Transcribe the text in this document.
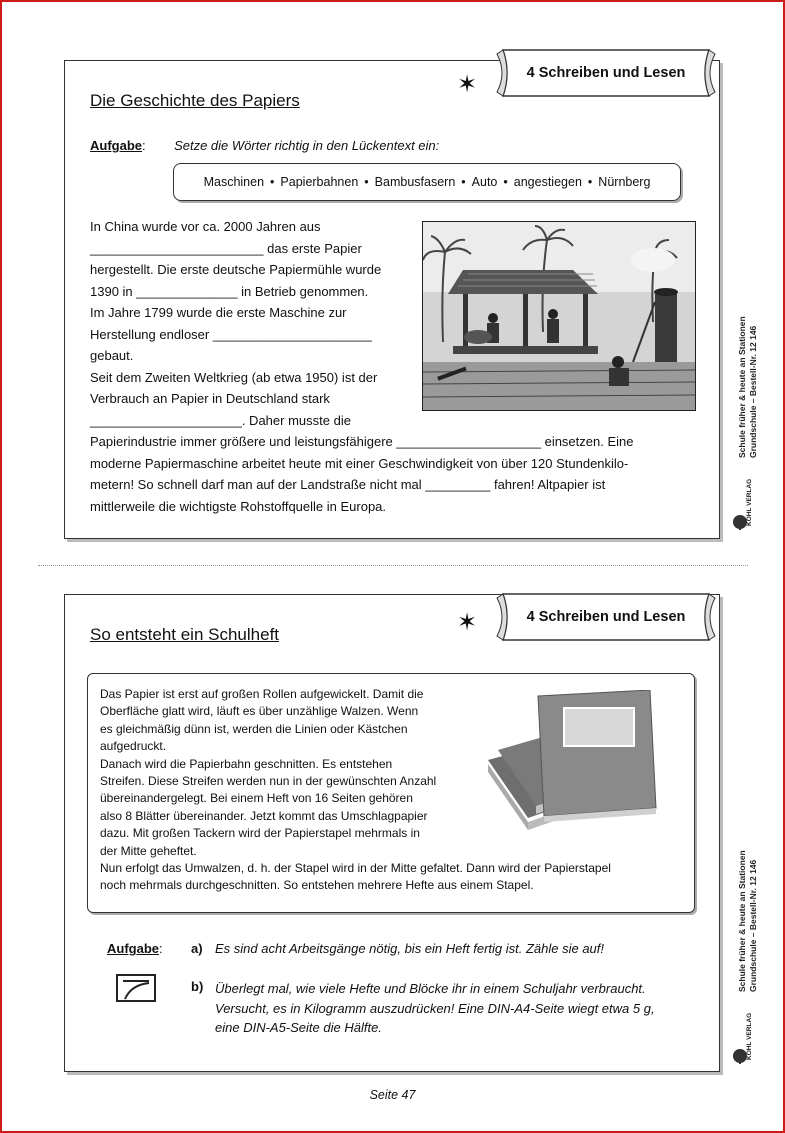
Die Geschichte des Papiers
✶
Aufgabe: Setze die Wörter richtig in den Lückentext ein:
Maschinen • Papierbahnen • Bambusfasern • Auto • angestiegen • Nürnberg
In China wurde vor ca. 2000 Jahren aus
________________________ das erste Papier
hergestellt. Die erste deutsche Papiermühle wurde
1390 in ______________ in Betrieb genommen.
Im Jahre 1799 wurde die erste Maschine zur
Herstellung endloser ______________________
gebaut.
Seit dem Zweiten Weltkrieg (ab etwa 1950) ist der
Verbrauch an Papier in Deutschland stark
_____________________. Daher musste die
Papierindustrie immer größere und leistungsfähigere ____________________ einsetzen. Eine
moderne Papiermaschine arbeitet heute mit einer Geschwindigkeit von über 120 Stundenkilo-
metern! So schnell darf man auf der Landstraße nicht mal _________ fahren! Altpapier ist
mittlerweile die wichtigste Rohstoffquelle in Europa.
4 Schreiben und Lesen
Schule früher & heute an Stationen Grundschule – Bestell-Nr. 12 146
KOHL VERLAG
So entsteht ein Schulheft	✶
Das Papier ist erst auf großen Rollen aufgewickelt. Damit die
Oberfläche glatt wird, läuft es über unzählige Walzen. Wenn
es gleichmäßig dünn ist, werden die Linien oder Kästchen
aufgedruckt.
Danach wird die Papierbahn geschnitten. Es entstehen
Streifen. Diese Streifen werden nun in der gewünschten Anzahl
übereinandergelegt. Bei einem Heft von 16 Seiten gehören
also 8 Blätter übereinander. Jetzt kommt das Umschlagpapier
dazu. Mit großen Tackern wird der Papierstapel mehrmals in
der Mitte geheftet.
Nun erfolgt das Umwalzen, d. h. der Stapel wird in der Mitte gefaltet. Dann wird der Papierstapel
noch mehrmals durchgeschnitten. So entstehen mehrere Hefte aus einem Stapel.
Aufgabe: a) Es sind acht Arbeitsgänge nötig, bis ein Heft fertig ist. Zähle sie auf!
b) Überlegt mal, wie viele Hefte und Blöcke ihr in einem Schuljahr verbraucht.
Versucht, es in Kilogramm auszudrücken! Eine DIN-A4-Seite wiegt etwa 5 g,
eine DIN-A5-Seite die Hälfte.
4 Schreiben und Lesen
Schule früher & heute an Stationen Grundschule – Bestell-Nr. 12 146
KOHL VERLAG
Seite 47
